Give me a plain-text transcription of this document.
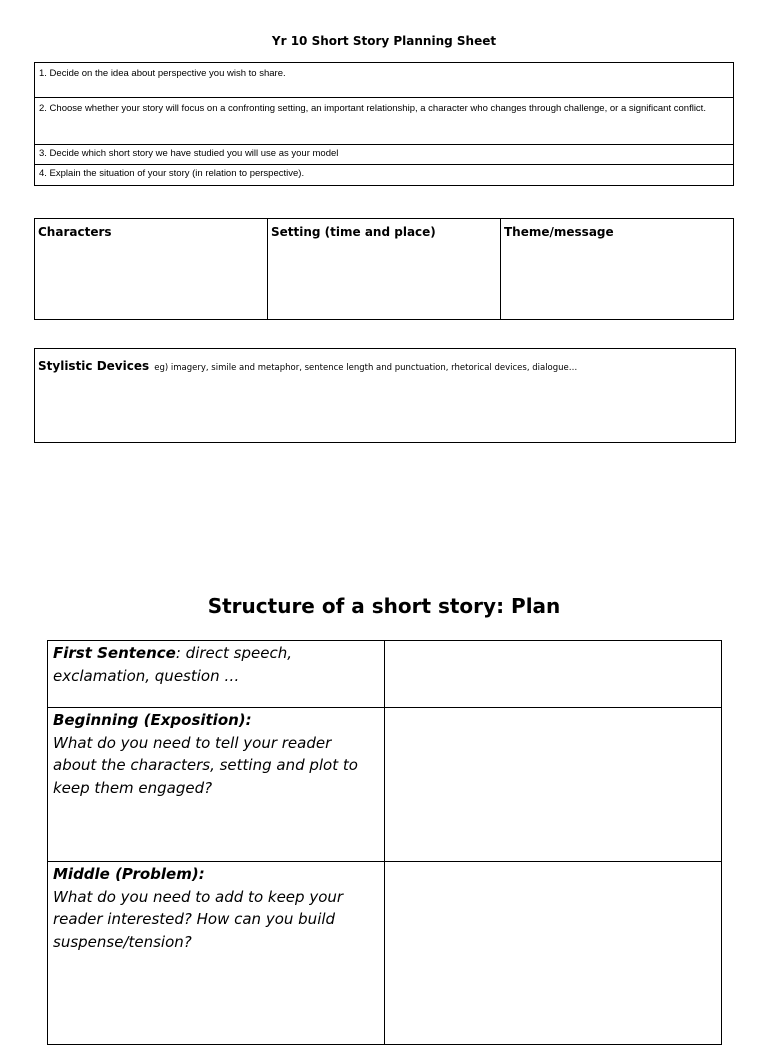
Yr 10 Short Story Planning Sheet
1. Decide on the idea about perspective you wish to share.
2. Choose whether your story will focus on a confronting setting, an important relationship, a character who changes through challenge, or a significant conflict.
3. Decide which short story we have studied you will use as your model
4. Explain the situation of your story (in relation to perspective).
Characters	Setting (time and place)	Theme/message
Stylistic Devices eg) imagery, simile and metaphor, sentence length and punctuation, rhetorical devices, dialogue…
Structure of a short story: Plan
First Sentence: direct speech, exclamation, question …	

Beginning (Exposition):
What do you need to tell your reader about the characters, setting and plot to keep them engaged?	

Middle (Problem):
What do you need to add to keep your reader interested? How can you build suspense/tension?	
